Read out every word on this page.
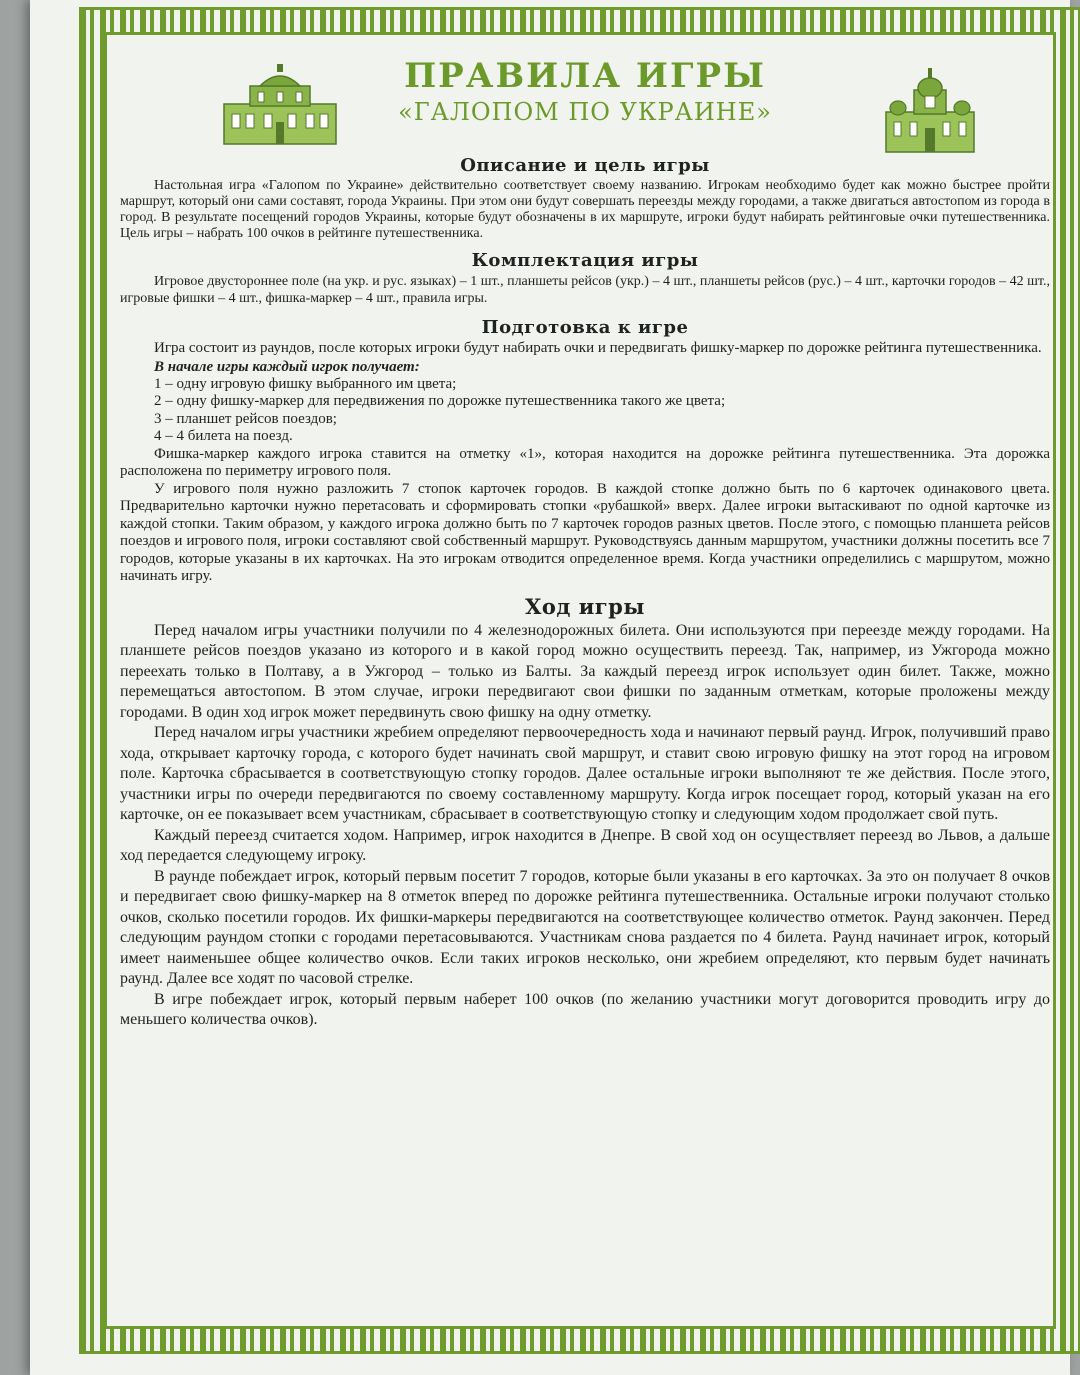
ПРАВИЛА ИГРЫ
«ГАЛОПОМ ПО УКРАИНЕ»
Описание и цель игры

Настольная игра «Галопом по Украине» действительно соответствует своему названию. Игрокам необходимо будет как можно быстрее пройти маршрут, который они сами составят, города Украины. При этом они будут совершать переезды между городами, а также двигаться автостопом из города в город. В результате посещений городов Украины, которые будут обозначены в их маршруте, игроки будут набирать рейтинговые очки путешественника. Цель игры – набрать 100 очков в рейтинге путешественника.

Комплектация игры

Игровое двустороннее поле (на укр. и рус. языках) – 1 шт., планшеты рейсов (укр.) – 4 шт., планшеты рейсов (рус.) – 4 шт., карточки городов – 42 шт., игровые фишки – 4 шт., фишка-маркер – 4 шт., правила игры.

Подготовка к игре

Игра состоит из раундов, после которых игроки будут набирать очки и передвигать фишку-маркер по дорожке рейтинга путешественника.

В начале игры каждый игрок получает:
1 – одну игровую фишку выбранного им цвета;
2 – одну фишку-маркер для передвижения по дорожке путешественника такого же цвета;
3 – планшет рейсов поездов;
4 – 4 билета на поезд.

Фишка-маркер каждого игрока ставится на отметку «1», которая находится на дорожке рейтинга путешественника. Эта дорожка расположена по периметру игрового поля.

У игрового поля нужно разложить 7 стопок карточек городов. В каждой стопке должно быть по 6 карточек одинакового цвета. Предварительно карточки нужно перетасовать и сформировать стопки «рубашкой» вверх. Далее игроки вытаскивают по одной карточке из каждой стопки. Таким образом, у каждого игрока должно быть по 7 карточек городов разных цветов. После этого, с помощью планшета рейсов поездов и игрового поля, игроки составляют свой собственный маршрут. Руководствуясь данным маршрутом, участники должны посетить все 7 городов, которые указаны в их карточках. На это игрокам отводится определенное время. Когда участники определились с маршрутом, можно начинать игру.

Ход игры

Перед началом игры участники получили по 4 железнодорожных билета. Они используются при переезде между городами. На планшете рейсов поездов указано из которого и в какой город можно осуществить переезд. Так, например, из Ужгорода можно переехать только в Полтаву, а в Ужгород – только из Балты. За каждый переезд игрок использует один билет. Также, можно перемещаться автостопом. В этом случае, игроки передвигают свои фишки по заданным отметкам, которые проложены между городами. В один ход игрок может передвинуть свою фишку на одну отметку.

Перед началом игры участники жребием определяют первоочередность хода и начинают первый раунд. Игрок, получивший право хода, открывает карточку города, с которого будет начинать свой маршрут, и ставит свою игровую фишку на этот город на игровом поле. Карточка сбрасывается в соответствующую стопку городов. Далее остальные игроки выполняют те же действия. После этого, участники игры по очереди передвигаются по своему составленному маршруту. Когда игрок посещает город, который указан на его карточке, он ее показывает всем участникам, сбрасывает в соответствующую стопку и следующим ходом продолжает свой путь.

Каждый переезд считается ходом. Например, игрок находится в Днепре. В свой ход он осуществляет переезд во Львов, а дальше ход передается следующему игроку.

В раунде побеждает игрок, который первым посетит 7 городов, которые были указаны в его карточках. За это он получает 8 очков и передвигает свою фишку-маркер на 8 отметок вперед по дорожке рейтинга путешественника. Остальные игроки получают столько очков, сколько посетили городов. Их фишки-маркеры передвигаются на соответствующее количество отметок. Раунд закончен. Перед следующим раундом стопки с городами перетасовываются. Участникам снова раздается по 4 билета. Раунд начинает игрок, который имеет наименьшее общее количество очков. Если таких игроков несколько, они жребием определяют, кто первым будет начинать раунд. Далее все ходят по часовой стрелке.

В игре побеждает игрок, который первым наберет 100 очков (по желанию участники могут договорится проводить игру до меньшего количества очков).
